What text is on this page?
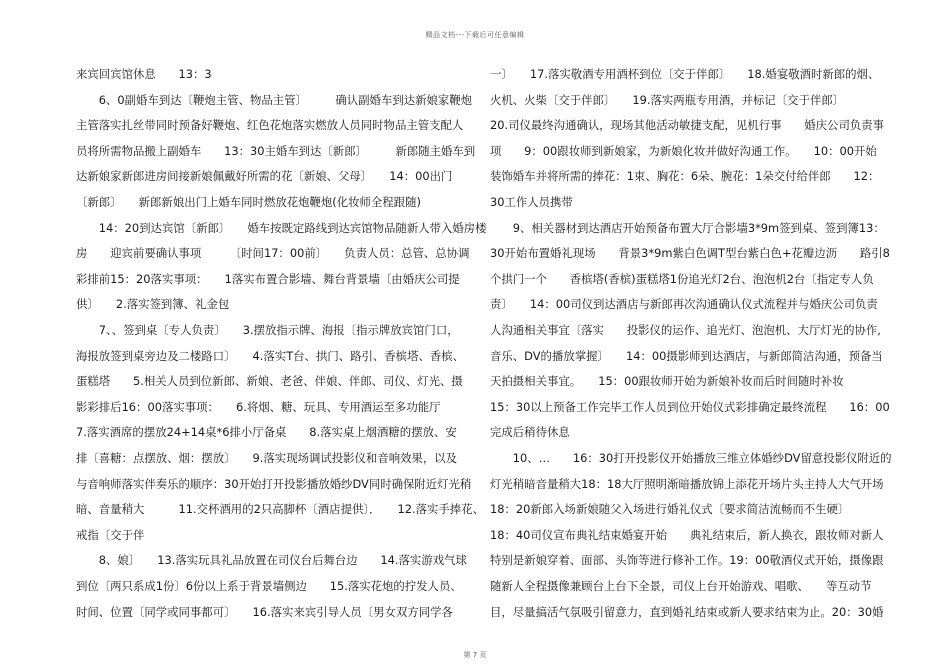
精品文档---下载后可任意编辑
来宾回宾馆休息　　13：3
　　6、0副婚车到达〔鞭炮主管、物品主管〕　　　确认副婚车到达新娘家鞭炮
主管落实扎丝带同时预备好鞭炮、红色花炮落实燃放人员同时物品主管支配人
员将所需物品搬上副婚车　　13：30主婚车到达〔新郎〕　　　新郎随主婚车到
达新娘家新郎进房间接新娘佩戴好所需的花〔新娘、父母〕　　14：00出门
〔新郎〕　　新郎新娘出门上婚车同时燃放花炮鞭炮(化妆师全程跟随)
　　14：20到达宾馆〔新郎〕　　婚车按既定路线到达宾馆物品随新人带入婚房楼
房　　迎宾前要确认事项　　　〔时间17：00前〕　　负责人员：总管、总协调
彩排前15：20落实事项：　　1落实布置合影墙、舞台背景墙〔由婚庆公司提
供〕　　2.落实签到簿、礼金包
　　7、、签到桌〔专人负责〕　　3.摆放指示牌、海报〔指示牌放宾馆门口，
海报放签到桌旁边及二楼路口〕　　4.落实T台、拱门、路引、香槟塔、香槟、
蛋糕塔　　5.相关人员到位新郎、新娘、老爸、伴娘、伴郎、司仪、灯光、摄
影彩排后16：00落实事项：　　6.将烟、糖、玩具、专用酒运至多功能厅
7.落实酒席的摆放24+14桌*6排小厅备桌　　8.落实桌上烟酒糖的摆放、安
排〔喜糖：点摆放、烟：摆放〕　　9.落实现场调试投影仪和音响效果，以及
与音响师落实伴奏乐的顺序：30开始打开投影播放婚纱DV同时确保附近灯光稍
暗、音量稍大　　　11.交杯酒用的2只高脚杯〔酒店提供〕．　　12.落实手捧花、
戒指〔交于伴
　　8、娘〕　　13.落实玩具礼品放置在司仪台后舞台边　　14.落实游戏气球
到位〔两只系成1份〕6份以上系于背景墙侧边　　15.落实花炮的拧发人员、
时间、位置〔同学或同事都可〕　　16.落实来宾引导人员〔男女双方同学各
一〕　　17.落实敬酒专用酒杯到位〔交于伴郎〕　　18.婚宴敬酒时新郎的烟、
火机、火柴〔交于伴郎〕　　19.落实两瓶专用酒，并标记〔交于伴郎〕
20.司仪最终沟通确认，现场其他活动敏捷支配，见机行事　　婚庆公司负责事
项　　9：00跟妆师到新娘家，为新娘化妆并做好沟通工作。　　10：00开始
装饰婚车并将所需的捧花：1束、胸花：6朵、腕花：1朵交付给伴郎　　12：
30工作人员携带
　　9、相关器材到达酒店开始预备布置大厅合影墙3*9m签到桌、签到簿13：
30开始布置婚礼现场　　背景3*9m紫白色调T型台紫白色+花瓣边沥　　路引8
个拱门一个　　香槟塔(香槟)蛋糕塔1份追光灯2台、泡泡机2台〔指定专人负
责〕　　14：00司仪到达酒店与新郎再次沟通确认仪式流程并与婚庆公司负责
人沟通相关事宜〔落实　　投影仪的运作、追光灯、泡泡机、大厅灯光的协作,
音乐、DV的播放掌握〕　　14：00摄影师到达酒店，与新郎简洁沟通，预备当
天拍摄相关事宜。　　15：00跟妆师开始为新娘补妆而后时间随时补妆
15：30以上预备工作完毕工作人员到位开始仪式彩排确定最终流程　　16：00
完成后稍待休息
　　10、…　　16：30打开投影仪开始播放三维立体婚纱DV留意投影仪附近的
灯光稍暗音量稍大18：18大厅照明渐暗播放锦上添花开场片头主持人大气开场
18：20新郎入场新娘随父入场进行婚礼仪式〔要求简洁流畅而不生硬〕
18：40司仪宣布典礼结束婚宴开始　　典礼结束后，新人换衣，跟妆师对新人
特别是新娘穿着、面部、头饰等进行修补工作。19：00敬酒仪式开始，摄像跟
随新人全程摄像兼顾台上台下全景，司仪上台开始游戏、唱歌、　　等互动节
目，尽量搞活气氛吸引留意力，直到婚礼结束或新人要求结束为止。20：30婚
第 7 页
